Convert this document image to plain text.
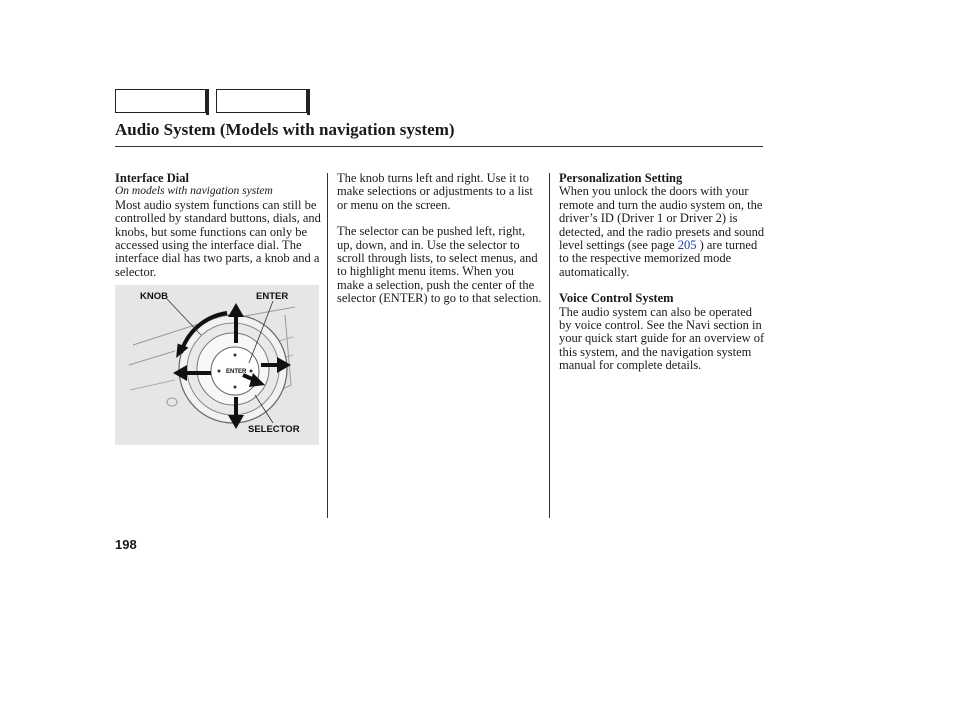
Audio System (Models with navigation system)
Interface Dial
On models with navigation system

Most audio system functions can still be controlled by standard buttons, dials, and knobs, but some functions can only be accessed using the interface dial. The interface dial has two parts, a knob and a selector.

ENTER
KNOB	ENTER
SELECTOR

The knob turns left and right. Use it to make selections or adjustments to a list or menu on the screen.

The selector can be pushed left, right, up, down, and in. Use the selector to scroll through lists, to select menus, and to highlight menu items. When you make a selection, push the center of the selector (ENTER) to go to that selection.

Personalization Setting

When you unlock the doors with your remote and turn the audio system on, the driver’s ID (Driver 1 or Driver 2) is detected, and the radio presets and sound level settings (see page 205 ) are turned to the respective memorized mode automatically.

Voice Control System

The audio system can also be operated by voice control. See the Navi section in your quick start guide for an overview of this system, and the navigation system manual for complete details.

198
